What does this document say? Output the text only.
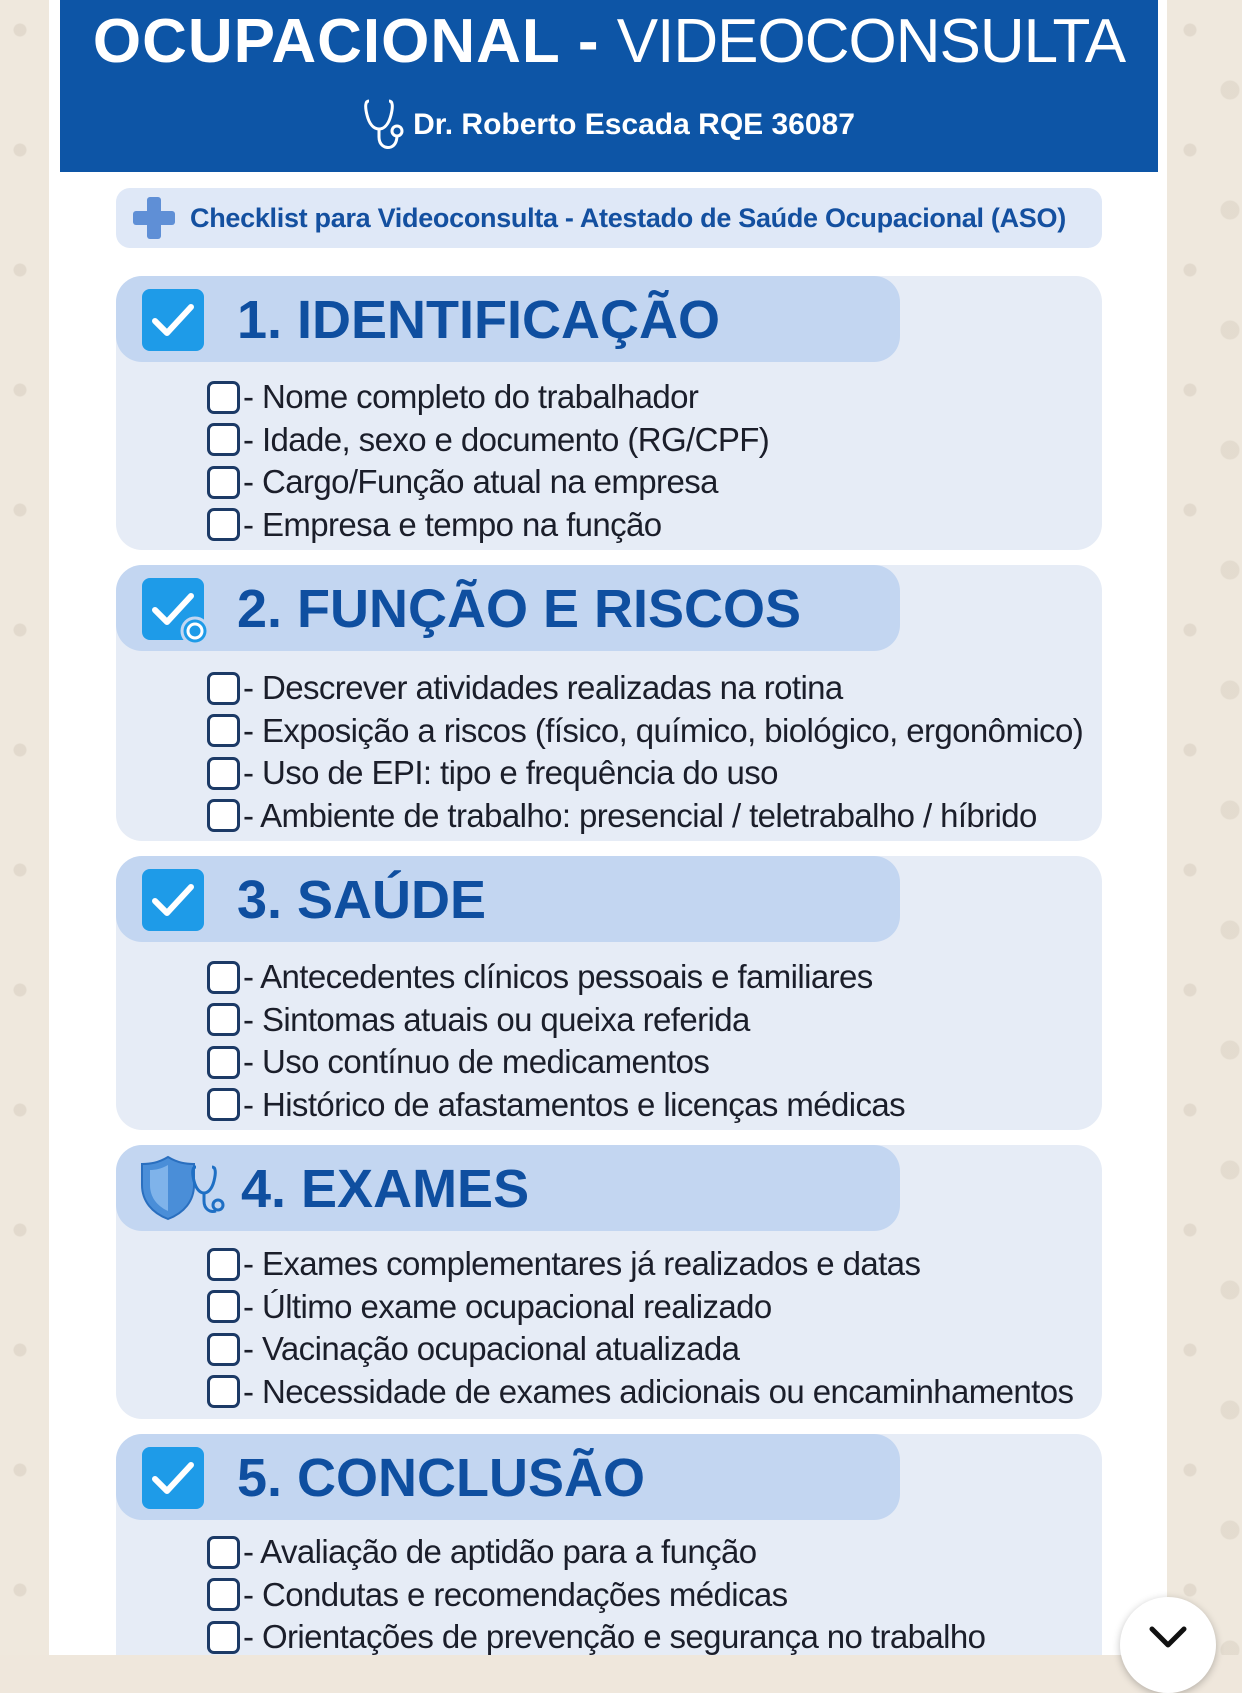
OCUPACIONAL - VIDEOCONSULTA
Dr. Roberto Escada RQE 36087
Checklist para Videoconsulta - Atestado de Saúde Ocupacional (ASO)
1. IDENTIFICAÇÃO
- Nome completo do trabalhador
- Idade, sexo e documento (RG/CPF)
- Cargo/Função atual na empresa
- Empresa e tempo na função
2. FUNÇÃO E RISCOS
- Descrever atividades realizadas na rotina
- Exposição a riscos (físico, químico, biológico, ergonômico)
- Uso de EPI: tipo e frequência do uso
- Ambiente de trabalho: presencial / teletrabalho / híbrido
3. SAÚDE
- Antecedentes clínicos pessoais e familiares
- Sintomas atuais ou queixa referida
- Uso contínuo de medicamentos
- Histórico de afastamentos e licenças médicas
4. EXAMES
- Exames complementares já realizados e datas
- Último exame ocupacional realizado
- Vacinação ocupacional atualizada
- Necessidade de exames adicionais ou encaminhamentos
5. CONCLUSÃO
- Avaliação de aptidão para a função
- Condutas e recomendações médicas
- Orientações de prevenção e segurança no trabalho
